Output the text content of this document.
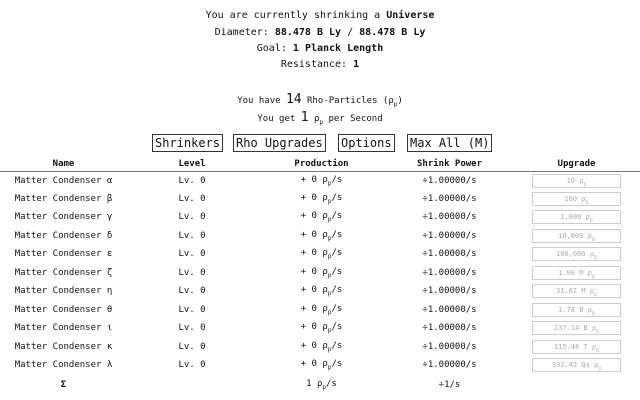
You are currently shrinking a Universe
Diameter: 88.478 B Ly / 88.478 B Ly
Goal: 1 Planck Length
Resistance: 1
You have 14 Rho-Particles $(\rho_p)$
You get 1 $\rho_p$ per Second
Shrinkers Rho Upgrades Options Max All (M)
Name	Level	Production	Shrink Power	Upgrade
Matter Condenser α	Lv. 0	+ 0 $\rho_p/s$	÷1.00000/s	10 $\rho_p$
Matter Condenser β	Lv. 0	+ 0 $\rho_p/s$	÷1.00000/s	100 $\rho_p$
Matter Condenser γ	Lv. 0	+ 0 $\rho_p/s$	÷1.00000/s	1,000 $\rho_p$
Matter Condenser δ	Lv. 0	+ 0 $\rho_p/s$	÷1.00000/s	10,000 $\rho_p$
Matter Condenser ε	Lv. 0	+ 0 $\rho_p/s$	÷1.00000/s	100,000 $\rho_p$
Matter Condenser ζ	Lv. 0	+ 0 $\rho_p/s$	÷1.00000/s	1.00 M $\rho_p$
Matter Condenser η	Lv. 0	+ 0 $\rho_p/s$	÷1.00000/s	31.62 M $\rho_p$
Matter Condenser θ	Lv. 0	+ 0 $\rho_p/s$	÷1.00000/s	1.78 B $\rho_p$
Matter Condenser ι	Lv. 0	+ 0 $\rho_p/s$	÷1.00000/s	237.14 B $\rho_p$
Matter Condenser κ	Lv. 0	+ 0 $\rho_p/s$	÷1.00000/s	115.48 T $\rho_p$
Matter Condenser λ	Lv. 0	+ 0 $\rho_p/s$	÷1.00000/s	392.42 Qa $\rho_p$
Σ		1 $\rho_p/s$	÷1/s	
